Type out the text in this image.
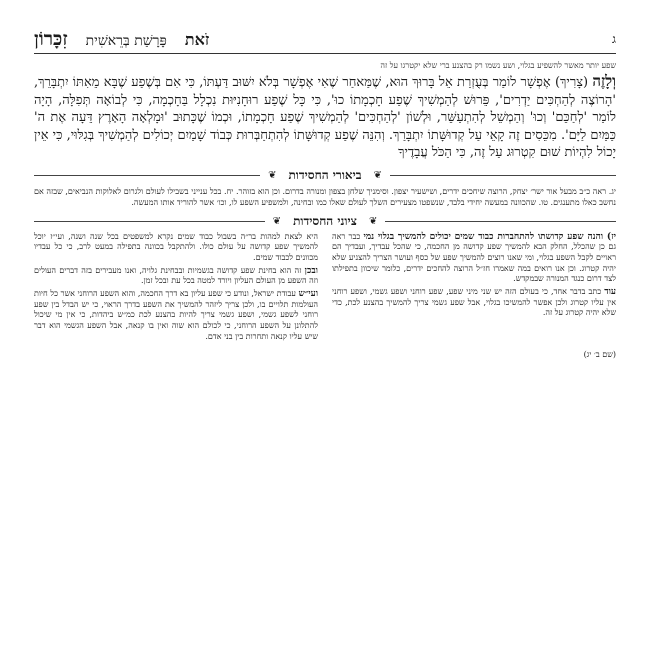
ג
זֹאת
פָּרָשַׁת בְּרֵאשִׁית
זִכָּרוֹן
שפע יותר מאשר להשפיע בגלוי, ושע נשמו רק בהצנע ברי שלא יקטרגו על זה
וְלָזֶה (צָרִיךְ) אֶפְשָׁר לוֹמַר בְּעֻזְרַת אֵל בָּרוּךְ הוּא, שֶׁמַּאחַר שֶׁאִי אֶפְשָׁר בְּלֹא יִשּׁוּב דַּעְתּוֹ, כִּי אִם בְּשֶׁפַע שֶׁבָּא מֵאִתּוֹ יִתְבָּרֵךְ, 'הָרוֹצֶה לְהַחְכִּים יַדְרִים', פֵּרוּשׁ לְהַמְשִׁיךְ שֶׁפַע חָכְמָתוֹ כוּ', כִּי כָּל שֶׁפַע רוּחָנִיּוּת נִכְלָל בַּחָכְמָה, כִּי לְבוֹאָה תְּפִלָּה, הָיָה לוֹמַר 'לְחַכֵּם' וְכוּ' וְהַמְשֵׁל לְהִתְעַשֵּׁר, וּלְשׁוֹן 'לְהַחְכִּים' לְהַמְשִׁיךְ שֶׁפַע חָכְמָתוֹ, וּכְמוֹ שֶׁכָּתוּב 'וּמָלְאָה הָאָרֶץ דֵּעָה אֶת ה' כַּמַּיִם לַיָּם'. מִכֵּסִים זֶה קָאֵי עַל קְדוּשָּׁתוֹ יִתְבָּרַךְ. וְהִנֵּה שֶׁפַע קְדוּשָּׁתוֹ לְהִתְחַבְּרוּת כְּבוֹד שָׁמַיִם יְכוֹלִים לְהַמְשִׁיךְ בְּגִלּוּי, כִּי אֵין יָכוֹל לִהְיוֹת שׁוּם קִטְרוּג עַל זֶה, כִּי הַכֹּל עֲבָדֶיךָ
❦
ביאורי החסידות
❦
יג. ראה כ״ב מבעל אור ישר׳ יצחק, הרוצה שיחכים ידרים, ושישעיר יצפון. וסימניך שלחן בצפון ומנורה בדרום. וכן הוא בזוהר. יח. בכל ענייני בשבילו לעולם ולגרום לאלוקות הנביאים, שבזה אם נחשב כאלו מתענגים. טו. שהכוונה במעשה יחידי בלבד, שנשפטו מצעירים השלך לעולם שאלו כמו ובחינה, ולמשפיע השפע לו, וכו׳ אשר להוריד אותו המעשה.
❦
ציוני החסידות
❦

יז) והנה שפע קדושתו להתחברות כבוד שמים יכולים להמשיך בגלוי נמי כבר ראה גם כן שהכלל, החלק הבא להמשיך שפע קדושה מן החכמה, כי שהכל עבדיך, ועבדיך הם ראויים לקבל השפע בגלוי, ומי שאנו רוצים להמשיך שפע של כסף ועושר הצריך להצניע שלא יהיה קטרוג. וכן אנו רואים במה שאמרו חז״ל הרוצה להחכים ידרים, כלומר שיכוון בתפילתו לצד דרום כנגד המנורה שבמקדש.

עוד כתב בדבר אחד, כי בעולם הזה יש שני מיני שפע, שפע רוחני ושפע גשמי, ושפע רוחני אין עליו קטרוג ולכן אפשר להמשיכו בגלוי, אבל שפע גשמי צריך להמשיך בהצנע לכת, כדי שלא יהיה קטרוג על זה.

היא לצאת למהות בר״ה בשבול כבוד שמים נקרא למשפטים בכל שנה ושנה, ועי״ז יוכל להמשיך שפע קדושה על עולם כולו. ולהתקבל בכוונה בתפילה במעט לרב, כי כל עבדיו מכוונים לכבוד שמים.

ובכן זה הוא בחינת שפע קדושה בגשמיות ובבחינת גלויה, ואנו מעבירים בזה דברים העולים וזה השפע מן העולם העליון ויורד למטה בכל עת ובכל זמן.

ועי״ש עבודת ישראל, ונודע כי שפע עליון בא דרך החכמה, והוא השפע הרוחני אשר כל חיות העולמות תלויים בו, ולכן צריך ליזהר להמשיך את השפע בדרך הראוי, כי יש הבדל בין שפע רוחני לשפע גשמי, ושפע גשמי צריך להיות בהצנע לכת כמ״ש ביהדות, כי אין מי שיכול להתלונן על השפע הרוחני, כי לכולם הוא שוה ואין בו קנאה, אבל השפע הגשמי הוא דבר שיש עליו קנאה ותחרות בין בני אדם.

(שם ב׳ יג)
